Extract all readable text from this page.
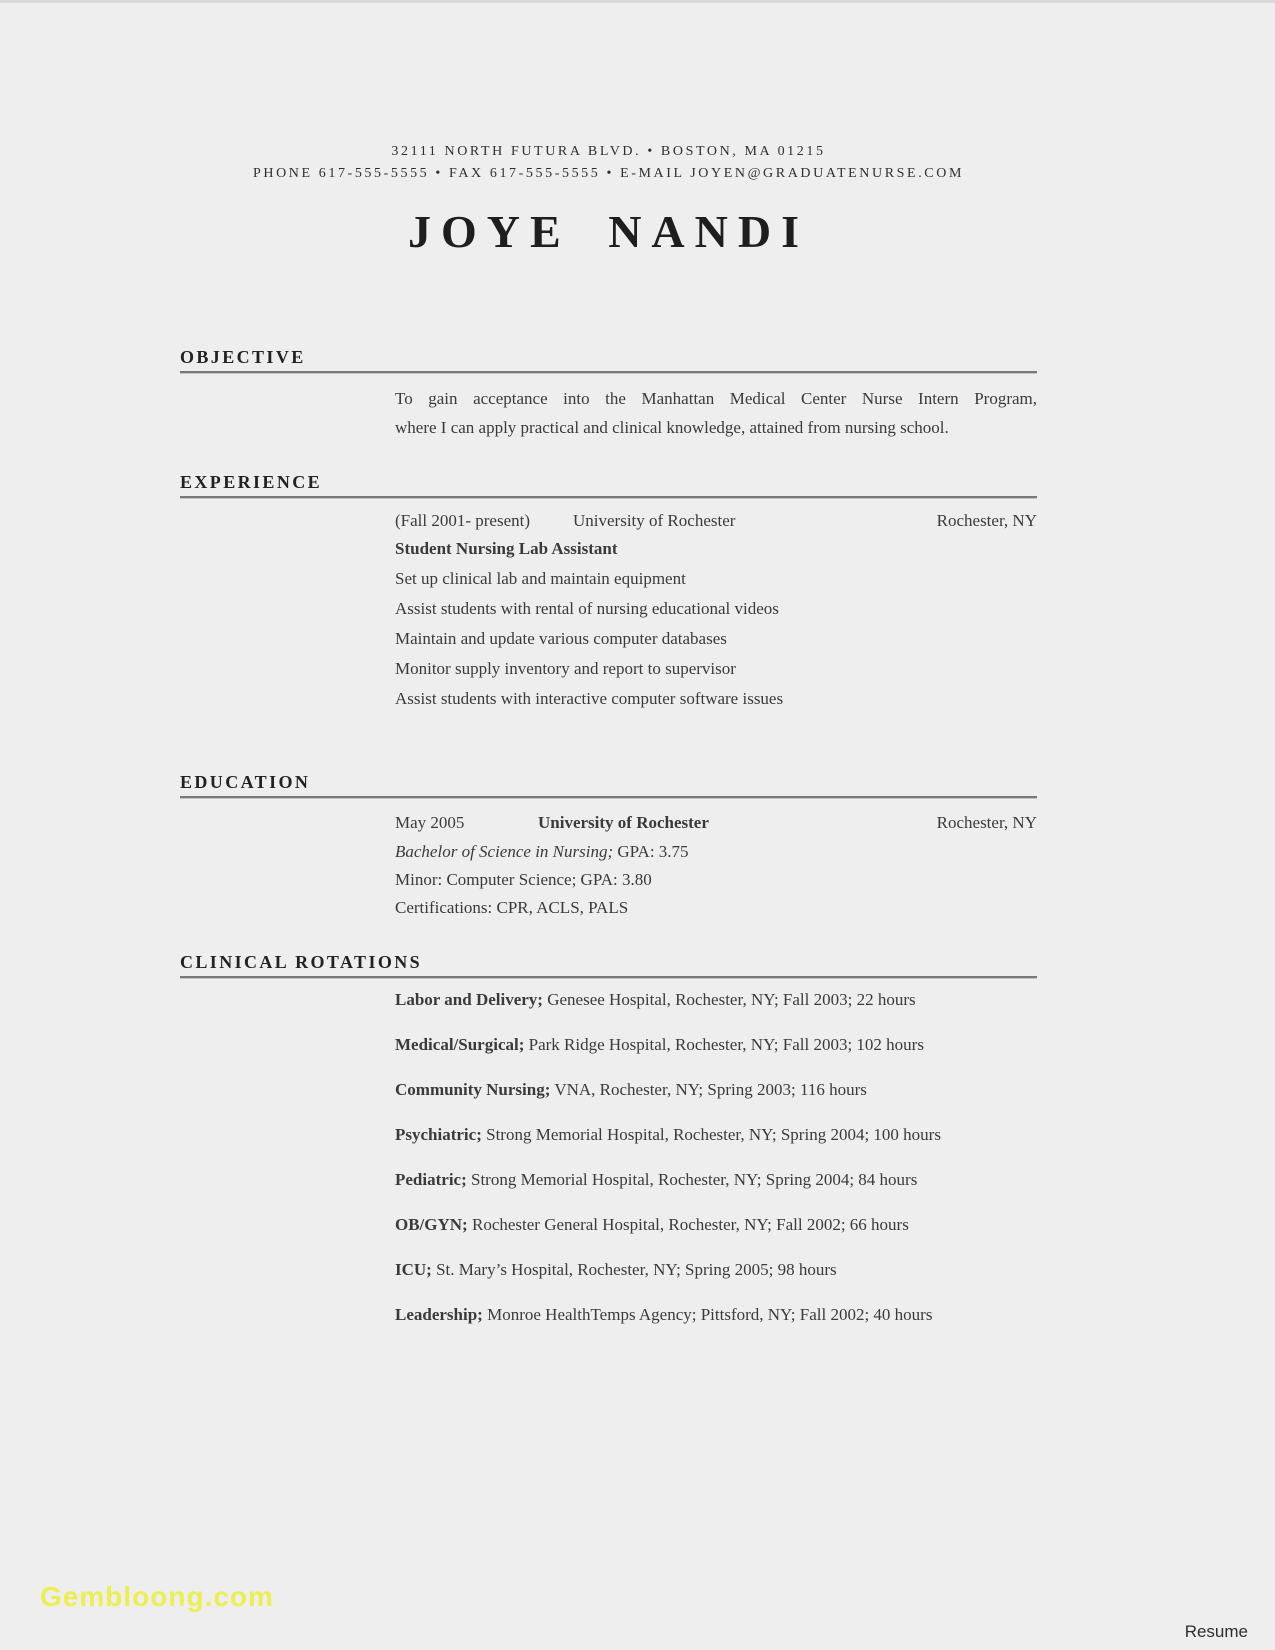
32111 NORTH FUTURA BLVD. • BOSTON, MA 01215
PHONE 617-555-5555 • FAX 617-555-5555 • E-MAIL JOYEN@GRADUATENURSE.COM
JOYE NANDI
OBJECTIVE

To gain acceptance into the Manhattan Medical Center Nurse Intern Program,

where I can apply practical and clinical knowledge, attained from nursing school.

EXPERIENCE
(Fall 2001- present)	University of Rochester	Rochester, NY
Student Nursing Lab Assistant
Set up clinical lab and maintain equipment
Assist students with rental of nursing educational videos
Maintain and update various computer databases
Monitor supply inventory and report to supervisor
Assist students with interactive computer software issues
EDUCATION
May 2005	University of Rochester	Rochester, NY
Bachelor of Science in Nursing; GPA: 3.75
Minor: Computer Science; GPA: 3.80
Certifications: CPR, ACLS, PALS
CLINICAL ROTATIONS
Labor and Delivery; Genesee Hospital, Rochester, NY; Fall 2003; 22 hours
Medical/Surgical; Park Ridge Hospital, Rochester, NY; Fall 2003; 102 hours
Community Nursing; VNA, Rochester, NY; Spring 2003; 116 hours
Psychiatric; Strong Memorial Hospital, Rochester, NY; Spring 2004; 100 hours
Pediatric; Strong Memorial Hospital, Rochester, NY; Spring 2004; 84 hours
OB/GYN; Rochester General Hospital, Rochester, NY; Fall 2002; 66 hours
ICU; St. Mary’s Hospital, Rochester, NY; Spring 2005; 98 hours
Leadership; Monroe HealthTemps Agency; Pittsford, NY; Fall 2002; 40 hours
Gembloong.com
Resume
